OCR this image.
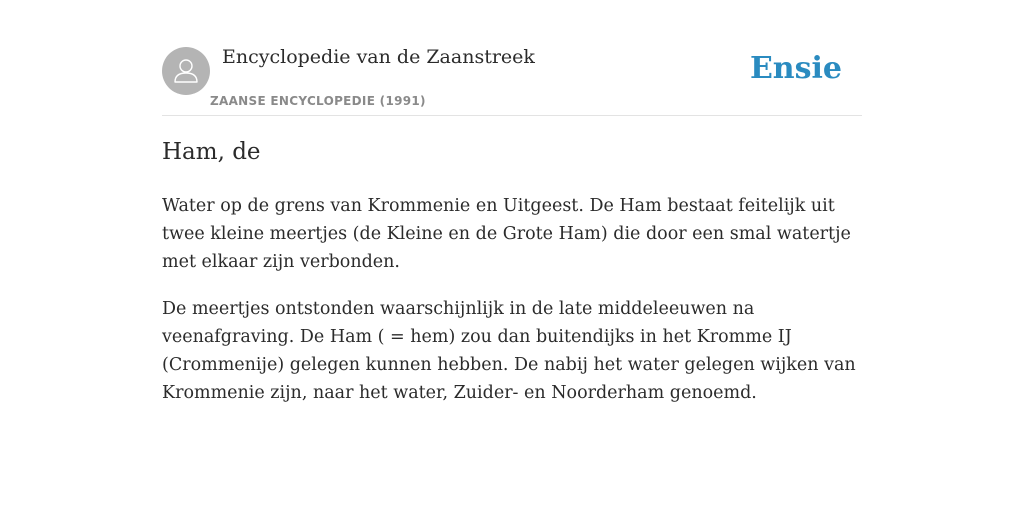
Encyclopedie van de Zaanstreek
ZAANSE ENCYCLOPEDIE (1991)
Ensie
Ham, de

Water op de grens van Krommenie en Uitgeest. De Ham bestaat feitelijk uit twee kleine meertjes (de Kleine en de Grote Ham) die door een smal watertje met elkaar zijn verbonden.

De meertjes ontstonden waarschijnlijk in de late middeleeuwen na veenafgraving. De Ham ( = hem) zou dan buitendijks in het Kromme IJ (Crommenije) gelegen kunnen hebben. De nabij het water gelegen wijken van Krommenie zijn, naar het water, Zuider- en Noorderham genoemd.
